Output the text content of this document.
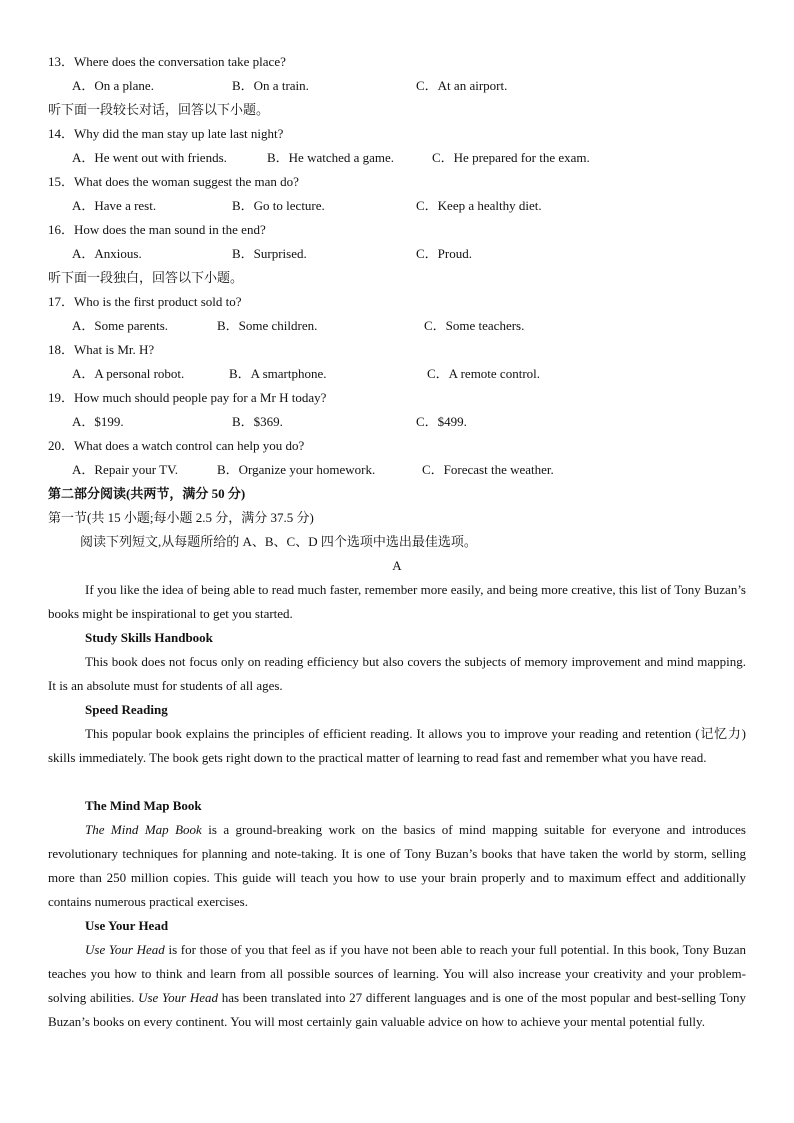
13．Where does the conversation take place?
A．On a plane.	B．On a train.	C．At an airport.
听下面一段较长对话，回答以下小题。
14．Why did the man stay up late last night?
A．He went out with friends.	B．He watched a game.	C．He prepared for the exam.
15．What does the woman suggest the man do?
A．Have a rest.	B．Go to lecture.	C．Keep a healthy diet.
16．How does the man sound in the end?
A．Anxious.	B．Surprised.	C．Proud.
听下面一段独白，回答以下小题。
17．Who is the first product sold to?
A．Some parents.	B．Some children.	C．Some teachers.
18．What is Mr. H?
A．A personal robot.	B．A smartphone.	C．A remote control.
19．How much should people pay for a Mr H today?
A．$199.	B．$369.	C．$499.
20．What does a watch control can help you do?
A．Repair your TV.	B．Organize your homework.	C．Forecast the weather.
第二部分阅读(共两节，满分 50 分)
第一节(共 15 小题;每小题 2.5 分，满分 37.5 分)
阅读下列短文,从每题所给的 A、B、C、D 四个选项中选出最佳选项。
A

If you like the idea of being able to read much faster, remember more easily, and being more creative, this list of Tony Buzan’s books might be inspirational to get you started.

Study Skills Handbook

This book does not focus only on reading efficiency but also covers the subjects of memory improvement and mind mapping. It is an absolute must for students of all ages.

Speed Reading

This popular book explains the principles of efficient reading. It allows you to improve your reading and retention (记忆力) skills immediately. The book gets right down to the practical matter of learning to read fast and remember what you have read.

The Mind Map Book

The Mind Map Book is a ground-breaking work on the basics of mind mapping suitable for everyone and introduces revolutionary techniques for planning and note-taking. It is one of Tony Buzan’s books that have taken the world by storm, selling more than 250 million copies. This guide will teach you how to use your brain properly and to maximum effect and additionally contains numerous practical exercises.

Use Your Head

Use Your Head is for those of you that feel as if you have not been able to reach your full potential. In this book, Tony Buzan teaches you how to think and learn from all possible sources of learning. You will also increase your creativity and your problem-solving abilities. Use Your Head has been translated into 27 different languages and is one of the most popular and best-selling Tony Buzan’s books on every continent. You will most certainly gain valuable advice on how to achieve your mental potential fully.
